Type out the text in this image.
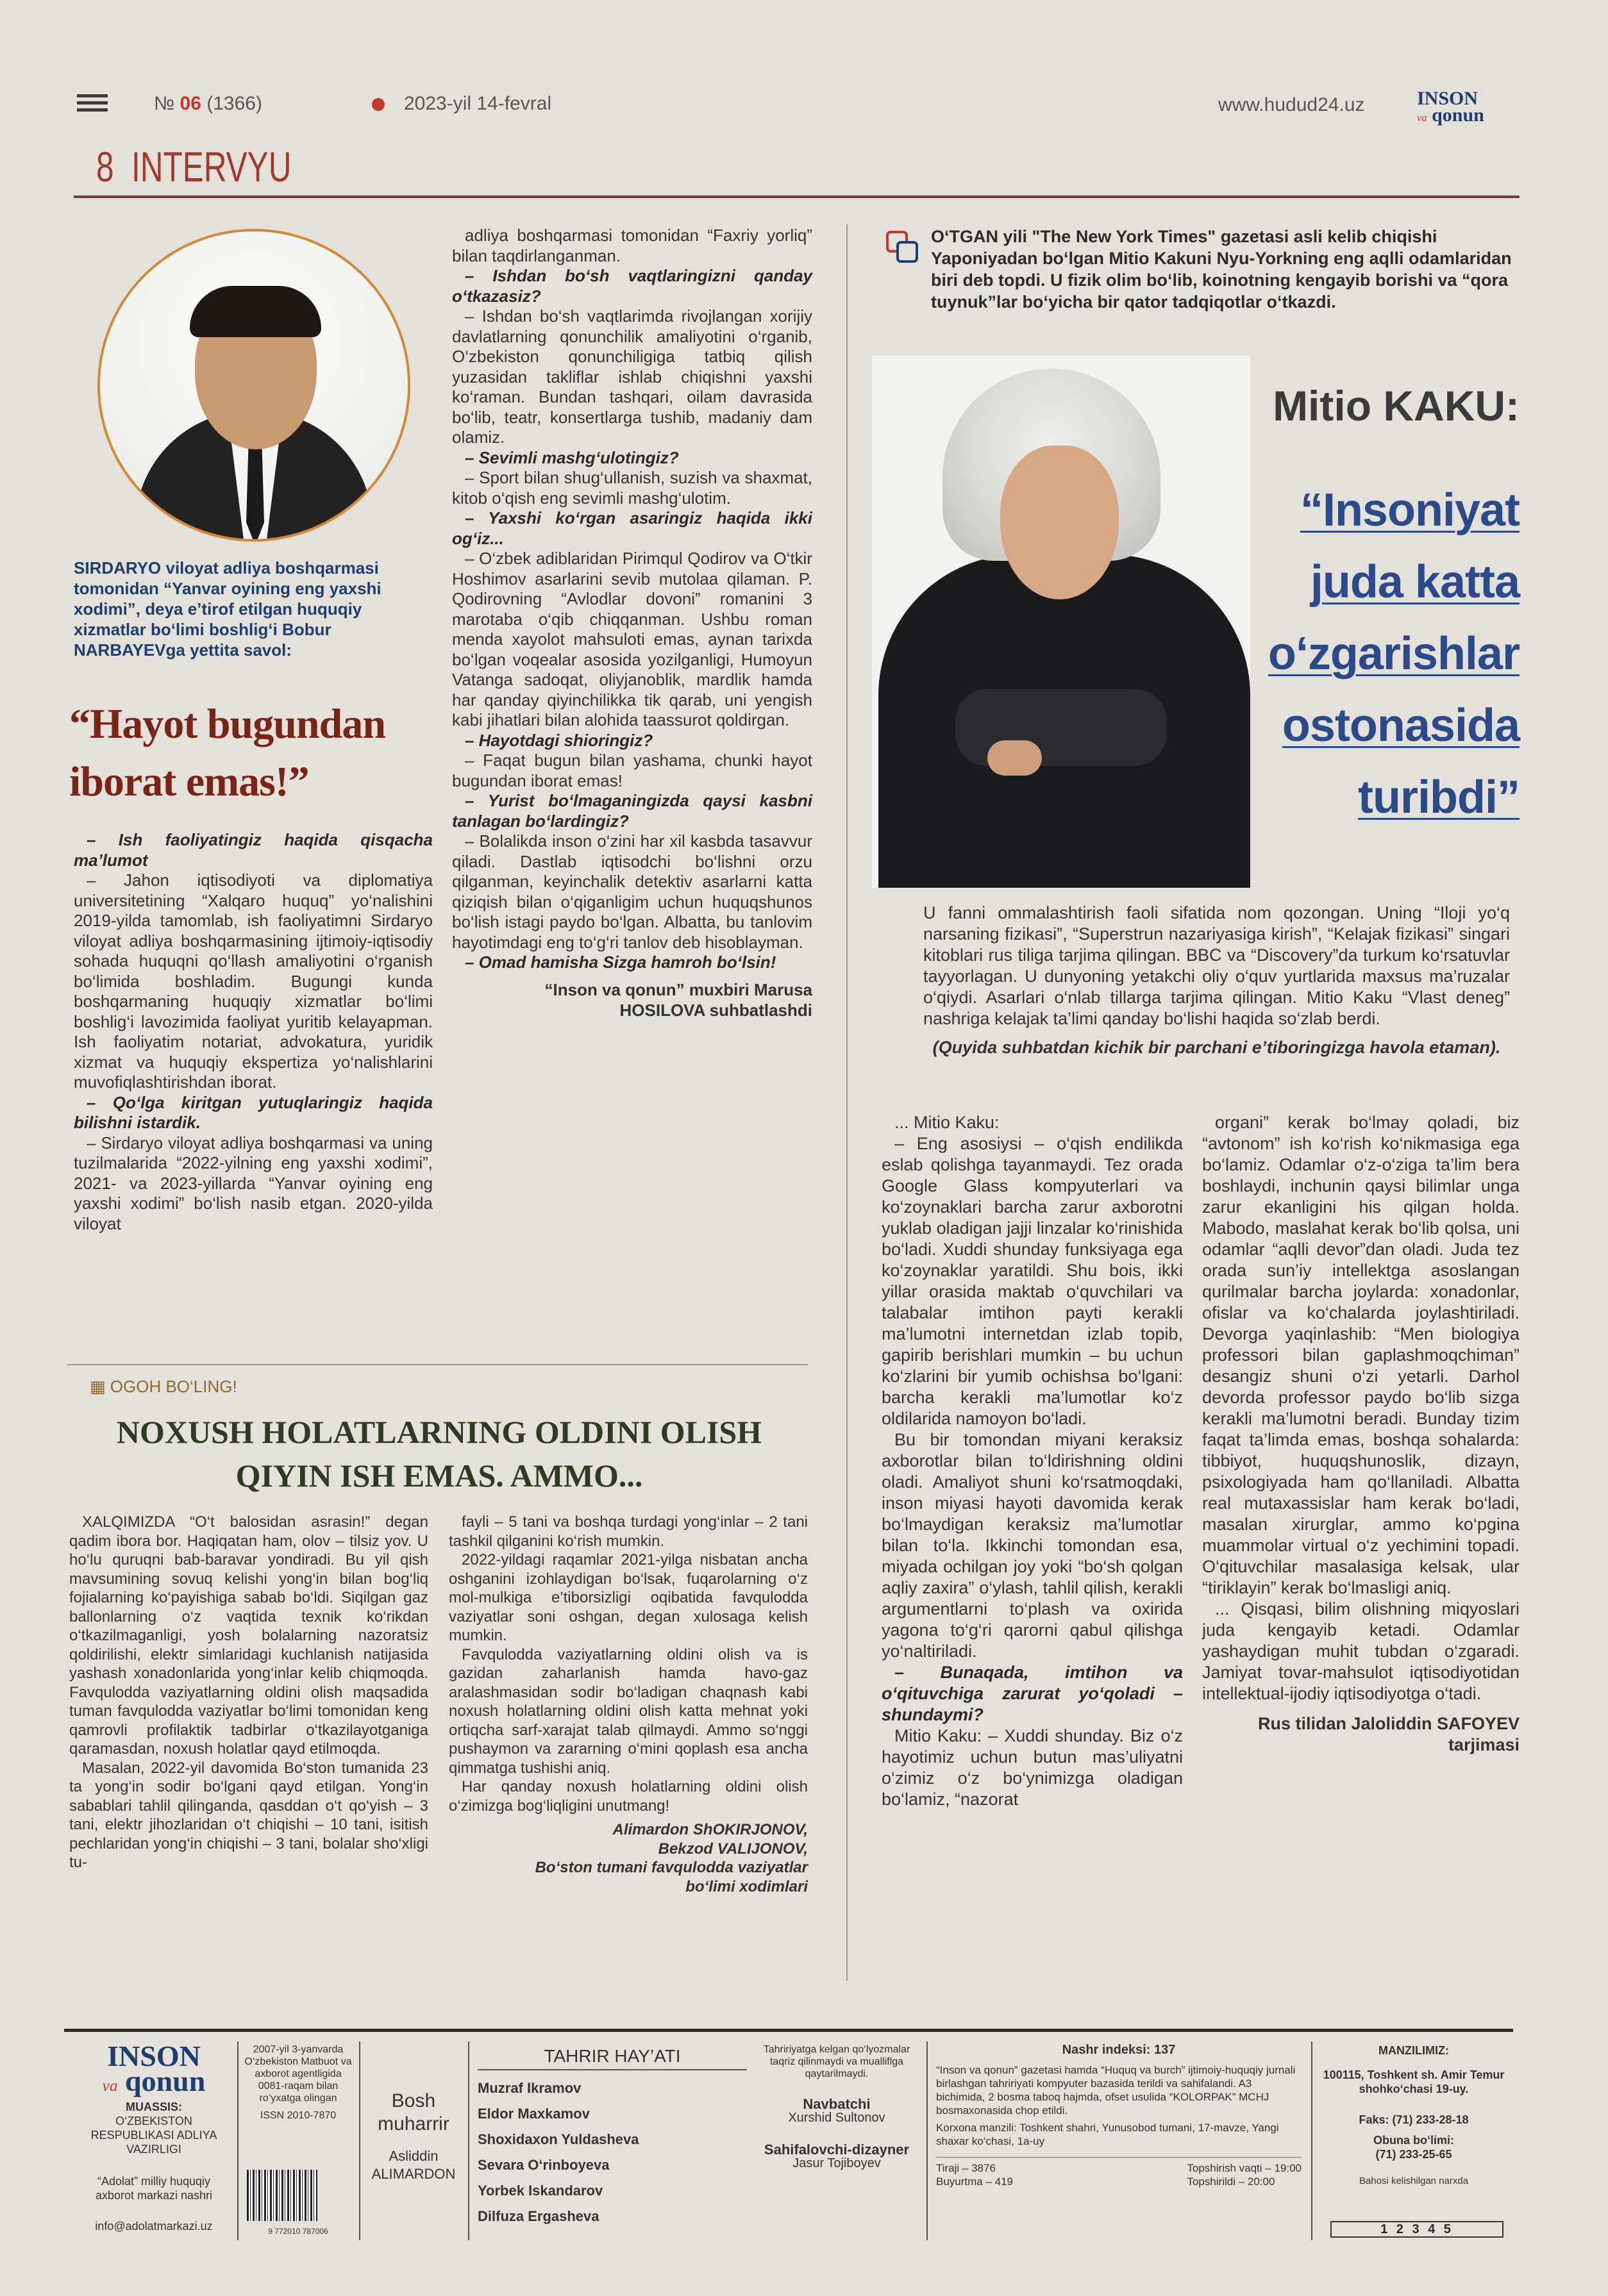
№ 06 (1366)	2023-yil 14-fevral	www.hudud24.uz	INSON
va qonun
8 INTERVYU
SIRDARYO viloyat adliya boshqarmasi tomonidan “Yanvar oyining eng yaxshi xodimi”, deya e’tirof etilgan huquqiy xizmatlar bo‘limi boshlig‘i Bobur NARBAYEVga yettita savol:
“Hayot bugundan iborat emas!”

– Ish faoliyatingiz haqida qisqacha ma’lumot

– Jahon iqtisodiyoti va diplomatiya universitetining “Xalqaro huquq” yo‘nalishini 2019-yilda tamomlab, ish faoliyatimni Sirdaryo viloyat adliya boshqarmasining ijtimoiy-iqtisodiy sohada huquqni qo‘llash amaliyotini o‘rganish bo‘limida boshladim. Bugungi kunda boshqarmaning huquqiy xizmatlar bo‘limi boshlig‘i lavozimida faoliyat yuritib kelayapman. Ish faoliyatim notariat, advokatura, yuridik xizmat va huquqiy ekspertiza yo‘nalishlarini muvofiqlashtirishdan iborat.

– Qo‘lga kiritgan yutuqlaringiz haqida bilishni istardik.

– Sirdaryo viloyat adliya boshqarmasi va uning tuzilmalarida “2022-yilning eng yaxshi xodimi”, 2021- va 2023-yillarda “Yanvar oyining eng yaxshi xodimi” bo‘lish nasib etgan. 2020-yilda viloyat

adliya boshqarmasi tomonidan “Faxriy yorliq” bilan taqdirlanganman.

– Ishdan bo‘sh vaqtlaringizni qanday o‘tkazasiz?

– Ishdan bo‘sh vaqtlarimda rivojlangan xorijiy davlatlarning qonunchilik amaliyotini o‘rganib, O‘zbekiston qonunchiligiga tatbiq qilish yuzasidan takliflar ishlab chiqishni yaxshi ko‘raman. Bundan tashqari, oilam davrasida bo‘lib, teatr, konsertlarga tushib, madaniy dam olamiz.

– Sevimli mashg‘ulotingiz?

– Sport bilan shug‘ullanish, suzish va shaxmat, kitob o‘qish eng sevimli mashg‘ulotim.

– Yaxshi ko‘rgan asaringiz haqida ikki og‘iz...

– O‘zbek adiblaridan Pirimqul Qodirov va O‘tkir Hoshimov asarlarini sevib mutolaa qilaman. P. Qodirovning “Avlodlar dovoni” romanini 3 marotaba o‘qib chiqqanman. Ushbu roman menda xayolot mahsuloti emas, aynan tarixda bo‘lgan voqealar asosida yozilganligi, Humoyun Vatanga sadoqat, oliyjanoblik, mardlik hamda har qanday qiyinchilikka tik qarab, uni yengish kabi jihatlari bilan alohida taassurot qoldirgan.

– Hayotdagi shioringiz?

– Faqat bugun bilan yashama, chunki hayot bugundan iborat emas!

– Yurist bo‘lmaganingizda qaysi kasbni tanlagan bo‘lardingiz?

– Bolalikda inson o‘zini har xil kasbda tasavvur qiladi. Dastlab iqtisodchi bo‘lishni orzu qilganman, keyinchalik detektiv asarlarni katta qiziqish bilan o‘qiganligim uchun huquqshunos bo‘lish istagi paydo bo‘lgan. Albatta, bu tanlovim hayotimdagi eng to‘g‘ri tanlov deb hisoblayman.

– Omad hamisha Sizga hamroh bo‘lsin!

“Inson va qonun” muxbiri Marusa
HOSILOVA suhbatlashdi
O‘TGAN yili "The New York Times" gazetasi asli kelib chiqishi Yaponiyadan bo‘lgan Mitio Kakuni Nyu-Yorkning eng aqlli odamlaridan biri deb topdi. U fizik olim bo‘lib, koinotning kengayib borishi va “qora tuynuk”lar bo‘yicha bir qator tadqiqotlar o‘tkazdi.
Mitio KAKU:
“Insoniyat
juda katta
o‘zgarishlar
ostonasida
turibdi”

U fanni ommalashtirish faoli sifatida nom qozongan. Uning “Iloji yo‘q narsaning fizikasi”, “Superstrun nazariyasiga kirish”, “Kelajak fizikasi” singari kitoblari rus tiliga tarjima qilingan. BBC va “Discovery”da turkum ko‘rsatuvlar tayyorlagan. U dunyoning yetakchi oliy o‘quv yurtlarida maxsus ma’ruzalar o‘qiydi. Asarlari o‘nlab tillarga tarjima qilingan. Mitio Kaku “Vlast deneg” nashriga kelajak ta’limi qanday bo‘lishi haqida so‘zlab berdi.

(Quyida suhbatdan kichik bir parchani e’tiboringizga havola etaman).

... Mitio Kaku:

– Eng asosiysi – o‘qish endilikda eslab qolishga tayanmaydi. Tez orada Google Glass kompyuterlari va ko‘zoynaklari barcha zarur axborotni yuklab oladigan jajji linzalar ko‘rinishida bo‘ladi. Xuddi shunday funksiyaga ega ko‘zoynaklar yaratildi. Shu bois, ikki yillar orasida maktab o‘quvchilari va talabalar imtihon payti kerakli ma’lumotni internetdan izlab topib, gapirib berishlari mumkin – bu uchun ko‘zlarini bir yumib ochishsa bo‘lgani: barcha kerakli ma’lumotlar ko‘z oldilarida namoyon bo‘ladi.

Bu bir tomondan miyani keraksiz axborotlar bilan to‘ldirishning oldini oladi. Amaliyot shuni ko‘rsatmoqdaki, inson miyasi hayoti davomida kerak bo‘lmaydigan keraksiz ma’lumotlar bilan to‘la. Ikkinchi tomondan esa, miyada ochilgan joy yoki “bo‘sh qolgan aqliy zaxira” o‘ylash, tahlil qilish, kerakli argumentlarni to‘plash va oxirida yagona to‘g‘ri qarorni qabul qilishga yo‘naltiriladi.

– Bunaqada, imtihon va o‘qituvchiga zarurat yo‘qoladi – shundaymi?

Mitio Kaku: – Xuddi shunday. Biz o‘z hayotimiz uchun butun mas’uliyatni o‘zimiz o‘z bo‘ynimizga oladigan bo‘lamiz, “nazorat

organi” kerak bo‘lmay qoladi, biz “avtonom” ish ko‘rish ko‘nikmasiga ega bo‘lamiz. Odamlar o‘z-o‘ziga ta’lim bera boshlaydi, inchunin qaysi bilimlar unga zarur ekanligini his qilgan holda. Mabodo, maslahat kerak bo‘lib qolsa, uni odamlar “aqlli devor”dan oladi. Juda tez orada sun’iy intellektga asoslangan qurilmalar barcha joylarda: xonadonlar, ofislar va ko‘chalarda joylashtiriladi. Devorga yaqinlashib: “Men biologiya professori bilan gaplashmoqchiman” desangiz shuni o‘zi yetarli. Darhol devorda professor paydo bo‘lib sizga kerakli ma’lumotni beradi. Bunday tizim faqat ta’limda emas, boshqa sohalarda: tibbiyot, huquqshunoslik, dizayn, psixologiyada ham qo‘llaniladi. Albatta real mutaxassislar ham kerak bo‘ladi, masalan xirurglar, ammo ko‘pgina muammolar virtual o‘z yechimini topadi. O‘qituvchilar masalasiga kelsak, ular “tiriklayin” kerak bo‘lmasligi aniq.

... Qisqasi, bilim olishning miqyoslari juda kengayib ketadi. Odamlar yashaydigan muhit tubdan o‘zgaradi. Jamiyat tovar-mahsulot iqtisodiyotidan intellektual-ijodiy iqtisodiyotga o‘tadi.

Rus tilidan Jaloliddin SAFOYEV
tarjimasi
▦ OGOH BO‘LING!
NOXUSH HOLATLARNING OLDINI OLISH
QIYIN ISH EMAS. AMMO...

XALQIMIZDA “O‘t balosidan asrasin!” degan qadim ibora bor. Haqiqatan ham, olov – tilsiz yov. U ho‘lu quruqni bab-baravar yondiradi. Bu yil qish mavsumining sovuq kelishi yong‘in bilan bog‘liq fojialarning ko‘payishiga sabab bo‘ldi. Siqilgan gaz ballonlarning o‘z vaqtida texnik ko‘rikdan o‘tkazilmaganligi, yosh bolalarning nazoratsiz qoldirilishi, elektr simlaridagi kuchlanish natijasida yashash xonadonlarida yong‘inlar kelib chiqmoqda. Favqulodda vaziyatlarning oldini olish maqsadida tuman favqulodda vaziyatlar bo‘limi tomonidan keng qamrovli profilaktik tadbirlar o‘tkazilayotganiga qaramasdan, noxush holatlar qayd etilmoqda.

Masalan, 2022-yil davomida Bo‘ston tumanida 23 ta yong‘in sodir bo‘lgani qayd etilgan. Yong‘in sabablari tahlil qilinganda, qasddan o‘t qo‘yish – 3 tani, elektr jihozlaridan o‘t chiqishi – 10 tani, isitish pechlaridan yong‘in chiqishi – 3 tani, bolalar sho‘xligi tu-

fayli – 5 tani va boshqa turdagi yong‘inlar – 2 tani tashkil qilganini ko‘rish mumkin.

2022-yildagi raqamlar 2021-yilga nisbatan ancha oshganini izohlaydigan bo‘lsak, fuqarolarning o‘z mol-mulkiga e’tiborsizligi oqibatida favqulodda vaziyatlar soni oshgan, degan xulosaga kelish mumkin.

Favqulodda vaziyatlarning oldini olish va is gazidan zaharlanish hamda havo-gaz aralashmasidan sodir bo‘ladigan chaqnash kabi noxush holatlarning oldini olish katta mehnat yoki ortiqcha sarf-xarajat talab qilmaydi. Ammo so‘nggi pushaymon va zararning o‘mini qoplash esa ancha qimmatga tushishi aniq.

Har qanday noxush holatlarning oldini olish o‘zimizga bog‘liqligini unutmang!

Alimardon ShOKIRJONOV,
Bekzod VALIJONOV,
Bo‘ston tumani favqulodda vaziyatlar
bo‘limi xodimlari
INSON
va qonun
MUASSIS:
O‘ZBEKISTON RESPUBLIKASI ADLIYA VAZIRLIGI
“Adolat” milliy huquqiy axborot markazi nashri
info@adolatmarkazi.uz
2007-yil 3-yanvarda O‘zbekiston Matbuot va axborot agentligida 0081-raqam bilan ro‘yxatga olingan
ISSN 2010-7870
9 772010 787006
Bosh muharrir
Asliddin ALIMARDON
TAHRIR HAY’ATI
Muzraf Ikramov
Eldor Maxkamov
Shoxidaxon Yuldasheva
Sevara O‘rinboyeva
Yorbek Iskandarov
Dilfuza Ergasheva
Tahririyatga kelgan qo‘lyozmalar taqriz qilinmaydi va mualliflga qaytarilmaydi.
Navbatchi
Xurshid Sultonov
Sahifalovchi-dizayner
Jasur Tojiboyev
Nashr indeksi: 137
“Inson va qonun” gazetasi hamda “Huquq va burch” ijtimoiy-huquqiy jurnali birlashgan tahririyati kompyuter bazasida terildi va sahifalandi. A3 bichimida, 2 bosma taboq hajmda, ofset usulida “KOLORPAK” MCHJ bosmaxonasida chop etildi.
Korxona manzili: Toshkent shahri, Yunusobod tumani, 17-mavze, Yangi shaxar ko‘chasi, 1a-uy
Tiraji – 3876
Buyurtma – 419
Topshirish vaqti – 19:00
Topshirildi – 20:00
MANZILIMIZ:
100115, Toshkent sh. Amir Temur shohko‘chasi 19-uy.
Faks: (71) 233-28-18
Obuna bo‘limi:
(71) 233-25-65
Bahosi kelishilgan narxda
1 2 3 4 5
